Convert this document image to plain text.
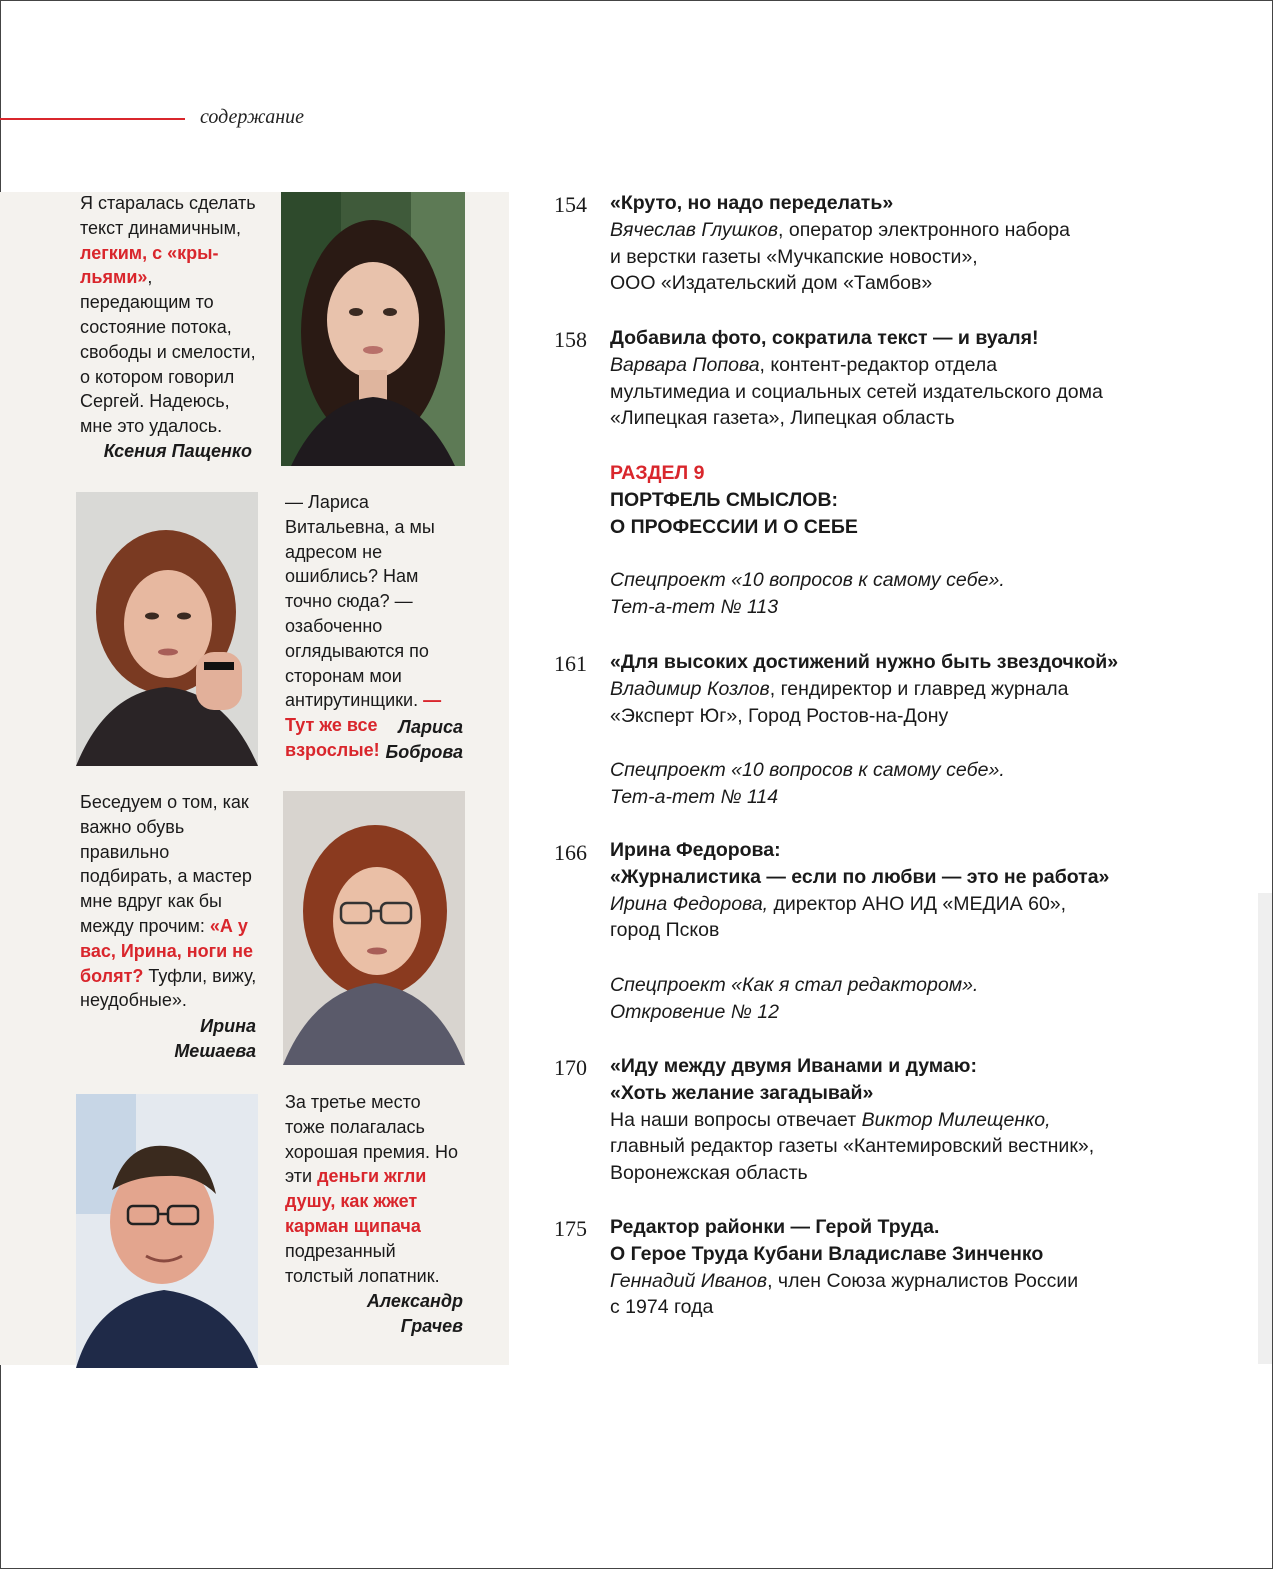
содержание
Я старалась сделать текст динамичным, легким, с «кры-льями», передающим то состояние потока, свободы и смелости, о котором говорил Сергей. Надеюсь, мне это удалось.
Ксения Пащенко
— Лариса Витальевна, а мы адресом не ошиблись? Нам точно сюда? — озабоченно оглядываются по сторонам мои антирутинщики. — Тут же все взрослые!
Лариса
Боброва
Беседуем о том, как важно обувь правильно подбирать, а мастер мне вдруг как бы между прочим: «А у вас, Ирина, ноги не болят? Туфли, вижу, неудобные».
Ирина
Мешаева
За третье место тоже полагалась хорошая премия. Но эти деньги жгли душу, как жжет карман щипача подрезанный толстый лопатник.
Александр
Грачев
154 «Круто, но надо переделать»
Вячеслав Глушков, оператор электронного набора
и верстки газеты «Мучкапские новости»,
ООО «Издательский дом «Тамбов»
158 Добавила фото, сократила текст — и вуаля!
Варвара Попова, контент-редактор отдела
мультимедиа и социальных сетей издательского дома
«Липецкая газета», Липецкая область
РАЗДЕЛ 9
ПОРТФЕЛЬ СМЫСЛОВ:
О ПРОФЕССИИ И О СЕБЕ
Спецпроект «10 вопросов к самому себе».
Тет-а-тет № 113
161 «Для высоких достижений нужно быть звездочкой»
Владимир Козлов, гендиректор и главред журнала
«Эксперт Юг», Город Ростов-на-Дону
Спецпроект «10 вопросов к самому себе».
Тет-а-тет № 114
166 Ирина Федорова:
«Журналистика — если по любви — это не работа»
Ирина Федорова, директор АНО ИД «МЕДИА 60»,
город Псков
Спецпроект «Как я стал редактором».
Откровение № 12
170 «Иду между двумя Иванами и думаю:
«Хоть желание загадывай»
На наши вопросы отвечает Виктор Милещенко,
главный редактор газеты «Кантемировский вестник»,
Воронежская область
175 Редактор районки — Герой Труда.
О Герое Труда Кубани Владиславе Зинченко
Геннадий Иванов, член Союза журналистов России
с 1974 года
